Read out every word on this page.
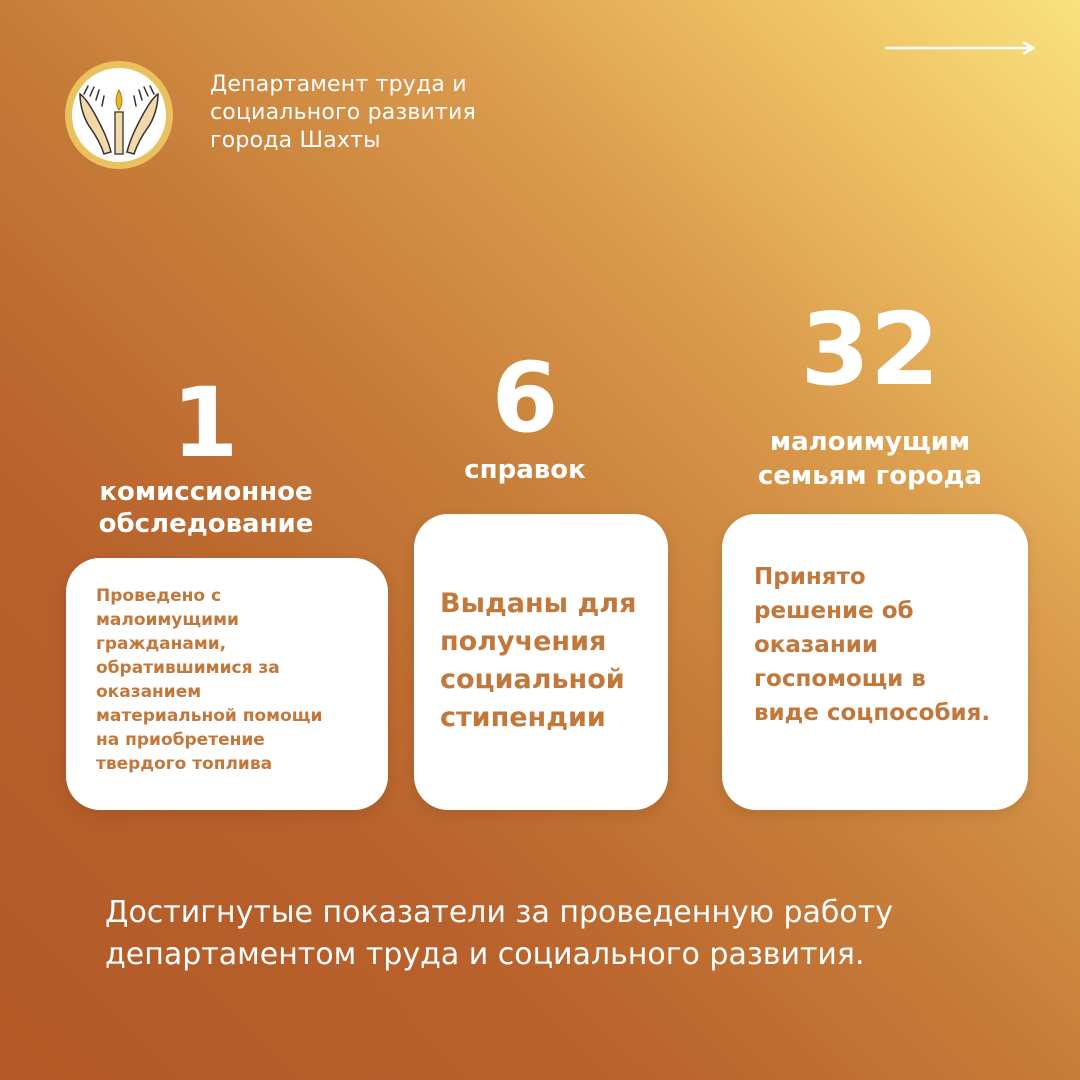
Департамент труда и
социального развития
города Шахты
1
комиссионное
обследование
Проведено с
малоимущими
гражданами,
обратившимися за
оказанием
материальной помощи
на приобретение
твердого топлива
6
справок
Выданы для
получения
социальной
стипендии
32
малоимущим
семьям города
Принято
решение об
оказании
госпомощи в
виде соцпособия.
Достигнутые показатели за проведенную работу
департаментом труда и социального развития.
